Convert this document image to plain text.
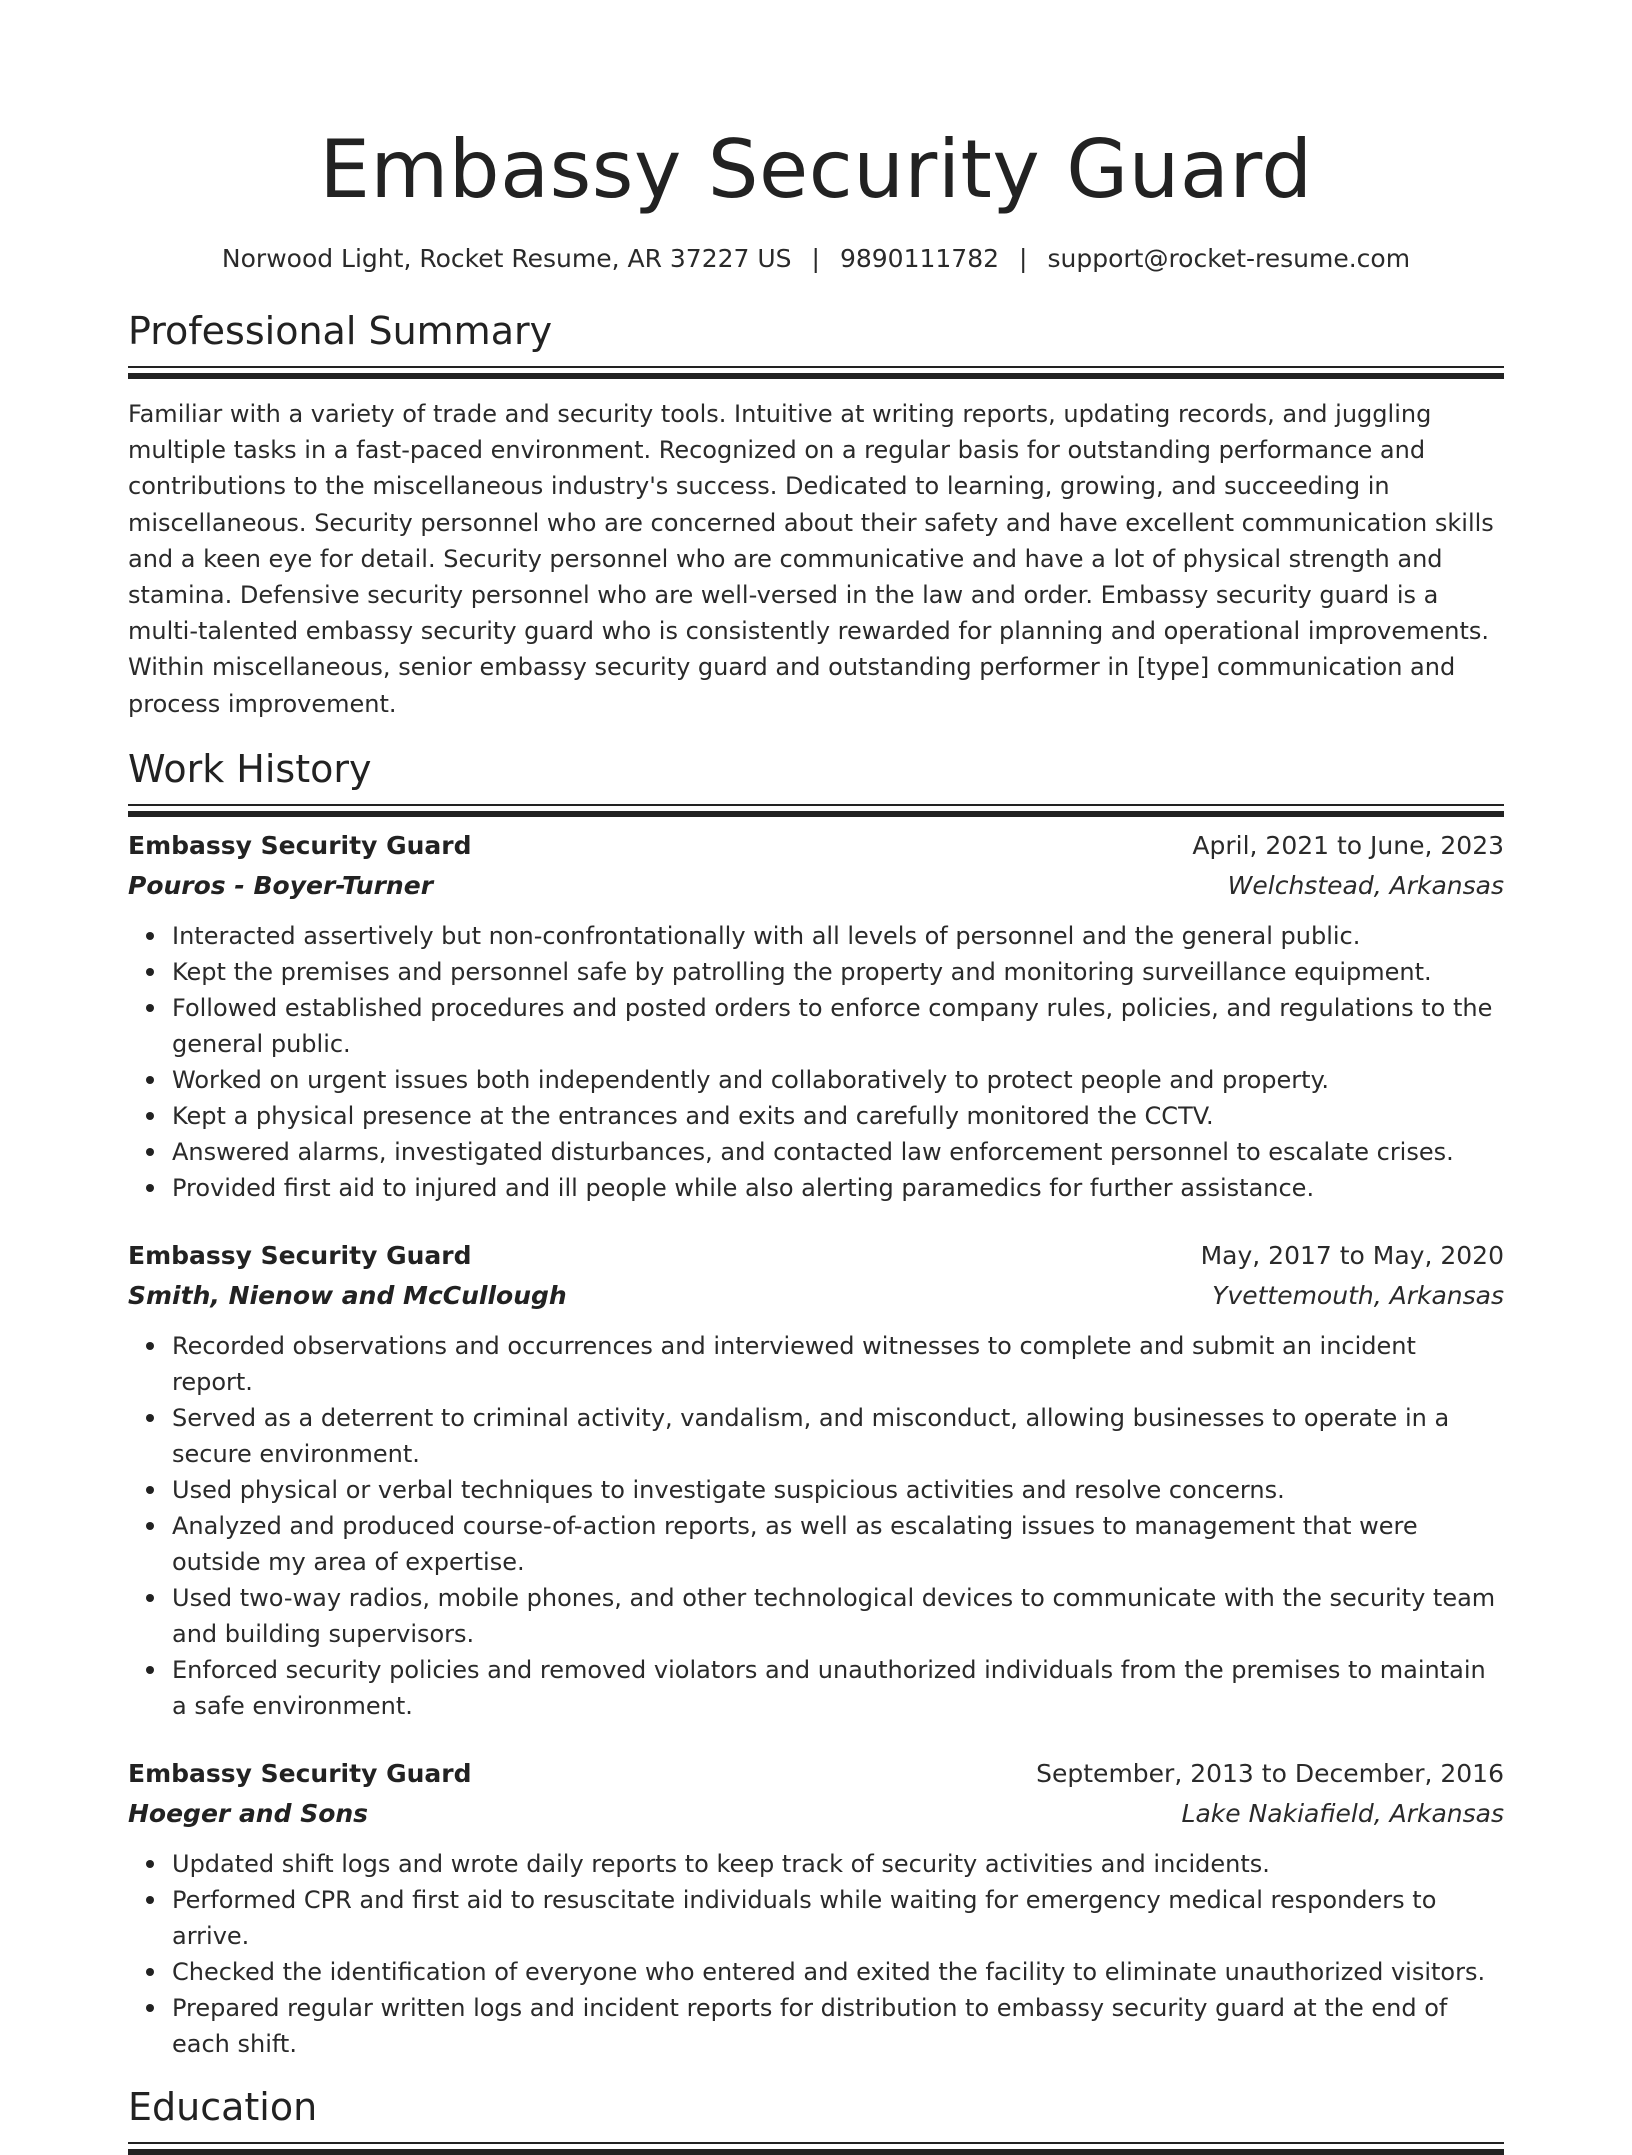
Embassy Security Guard
Norwood Light, Rocket Resume, AR 37227 US | 9890111782 | support@rocket-resume.com
Professional Summary

Familiar with a variety of trade and security tools. Intuitive at writing reports, updating records, and juggling multiple tasks in a fast-paced environment. Recognized on a regular basis for outstanding performance and contributions to the miscellaneous industry's success. Dedicated to learning, growing, and succeeding in miscellaneous. Security personnel who are concerned about their safety and have excellent communication skills and a keen eye for detail. Security personnel who are communicative and have a lot of physical strength and stamina. Defensive security personnel who are well-versed in the law and order. Embassy security guard is a multi-talented embassy security guard who is consistently rewarded for planning and operational improvements. Within miscellaneous, senior embassy security guard and outstanding performer in [type] communication and process improvement.

Work History
Embassy Security Guard	April, 2021 to June, 2023
Pouros - Boyer-Turner	Welchstead, Arkansas
Interacted assertively but non-confrontationally with all levels of personnel and the general public.
Kept the premises and personnel safe by patrolling the property and monitoring surveillance equipment.
Followed established procedures and posted orders to enforce company rules, policies, and regulations to the general public.
Worked on urgent issues both independently and collaboratively to protect people and property.
Kept a physical presence at the entrances and exits and carefully monitored the CCTV.
Answered alarms, investigated disturbances, and contacted law enforcement personnel to escalate crises.
Provided first aid to injured and ill people while also alerting paramedics for further assistance.
Embassy Security Guard	May, 2017 to May, 2020
Smith, Nienow and McCullough	Yvettemouth, Arkansas
Recorded observations and occurrences and interviewed witnesses to complete and submit an incident report.
Served as a deterrent to criminal activity, vandalism, and misconduct, allowing businesses to operate in a secure environment.
Used physical or verbal techniques to investigate suspicious activities and resolve concerns.
Analyzed and produced course-of-action reports, as well as escalating issues to management that were outside my area of expertise.
Used two-way radios, mobile phones, and other technological devices to communicate with the security team and building supervisors.
Enforced security policies and removed violators and unauthorized individuals from the premises to maintain a safe environment.
Embassy Security Guard	September, 2013 to December, 2016
Hoeger and Sons	Lake Nakiafield, Arkansas
Updated shift logs and wrote daily reports to keep track of security activities and incidents.
Performed CPR and first aid to resuscitate individuals while waiting for emergency medical responders to arrive.
Checked the identification of everyone who entered and exited the facility to eliminate unauthorized visitors.
Prepared regular written logs and incident reports for distribution to embassy security guard at the end of each shift.
Education
